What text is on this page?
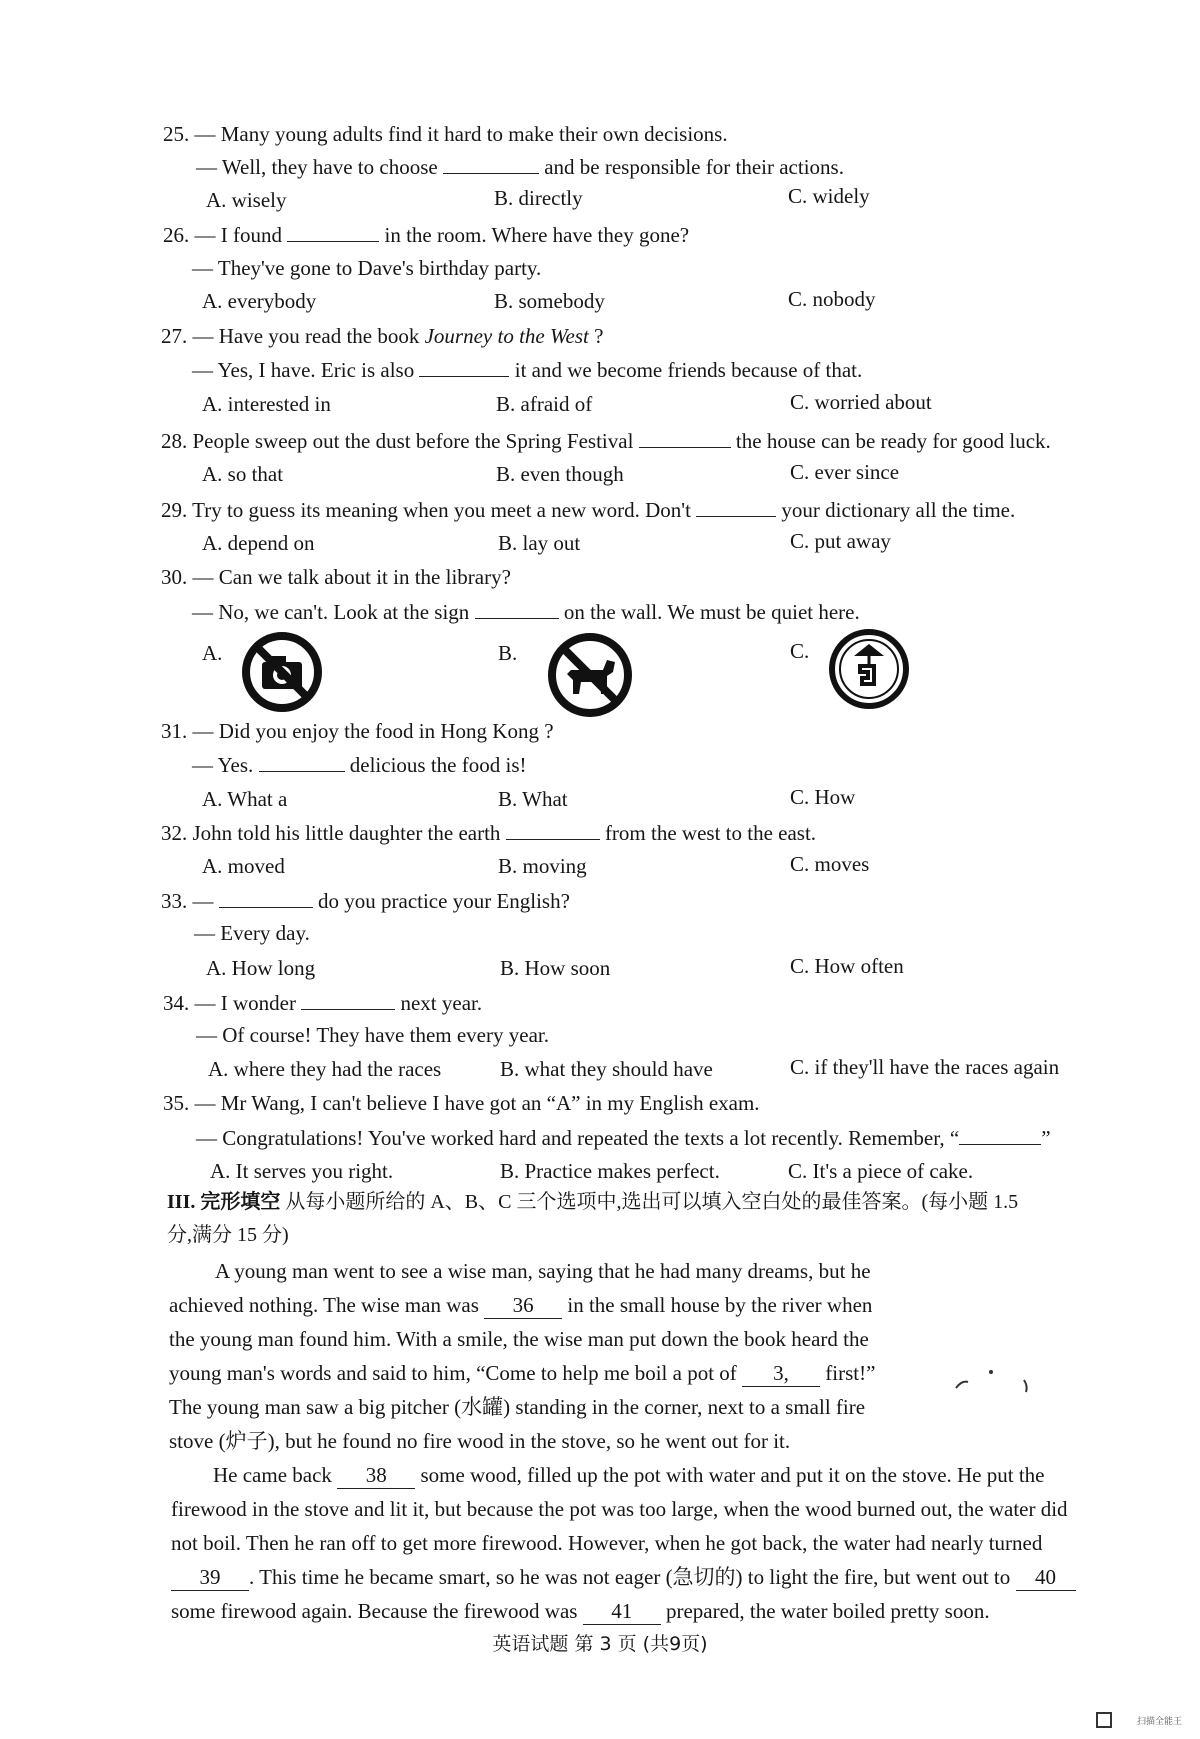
25. — Many young adults find it hard to make their own decisions.
— Well, they have to choose	and be responsible for their actions.
A. wisely	B. directly	C. widely
26. — I found	in the room. Where have they gone?
— They've gone to Dave's birthday party.
A. everybody	B. somebody	C. nobody
27. — Have you read the book Journey to the West ?
— Yes, I have. Eric is also	it and we become friends because of that.
A. interested in	B. afraid of	C. worried about
28. People sweep out the dust before the Spring Festival	the house can be ready for good luck.
A. so that	B. even though	C. ever since
29. Try to guess its meaning when you meet a new word. Don't	your dictionary all the time.
A. depend on	B. lay out	C. put away
30. — Can we talk about it in the library?
— No, we can't. Look at the sign	on the wall. We must be quiet here.
A.	B.	C.
31. — Did you enjoy the food in Hong Kong ?
— Yes.	delicious the food is!
A. What a	B. What	C. How
32. John told his little daughter the earth	from the west to the east.
A. moved	B. moving	C. moves
33. —	do you practice your English?
— Every day.
A. How long	B. How soon	C. How often
34. — I wonder	next year.
— Of course! They have them every year.
A. where they had the races	B. what they should have	C. if they'll have the races again
35. — Mr Wang, I can't believe I have got an “A” in my English exam.
— Congratulations! You've worked hard and repeated the texts a lot recently. Remember, “	”
A. It serves you right.	B. Practice makes perfect.	C. It's a piece of cake.
III. 完形填空 从每小题所给的 A、B、C 三个选项中,选出可以填入空白处的最佳答案。(每小题 1.5
分,满分 15 分)
A young man went to see a wise man, saying that he had many dreams, but he
achieved nothing. The wise man was 36 in the small house by the river when
the young man found him. With a smile, the wise man put down the book heard the
young man's words and said to him, “Come to help me boil a pot of 3, first!”
The young man saw a big pitcher (水罐) standing in the corner, next to a small fire
stove (炉子), but he found no fire wood in the stove, so he went out for it.
He came back 38 some wood, filled up the pot with water and put it on the stove. He put the
firewood in the stove and lit it, but because the pot was too large, when the wood burned out, the water did
not boil. Then he ran off to get more firewood. However, when he got back, the water had nearly turned
39 . This time he became smart, so he was not eager (急切的) to light the fire, but went out to 40
some firewood again. Because the firewood was 41 prepared, the water boiled pretty soon.
英语试题 第 3 页 (共9页)
扫描全能王
